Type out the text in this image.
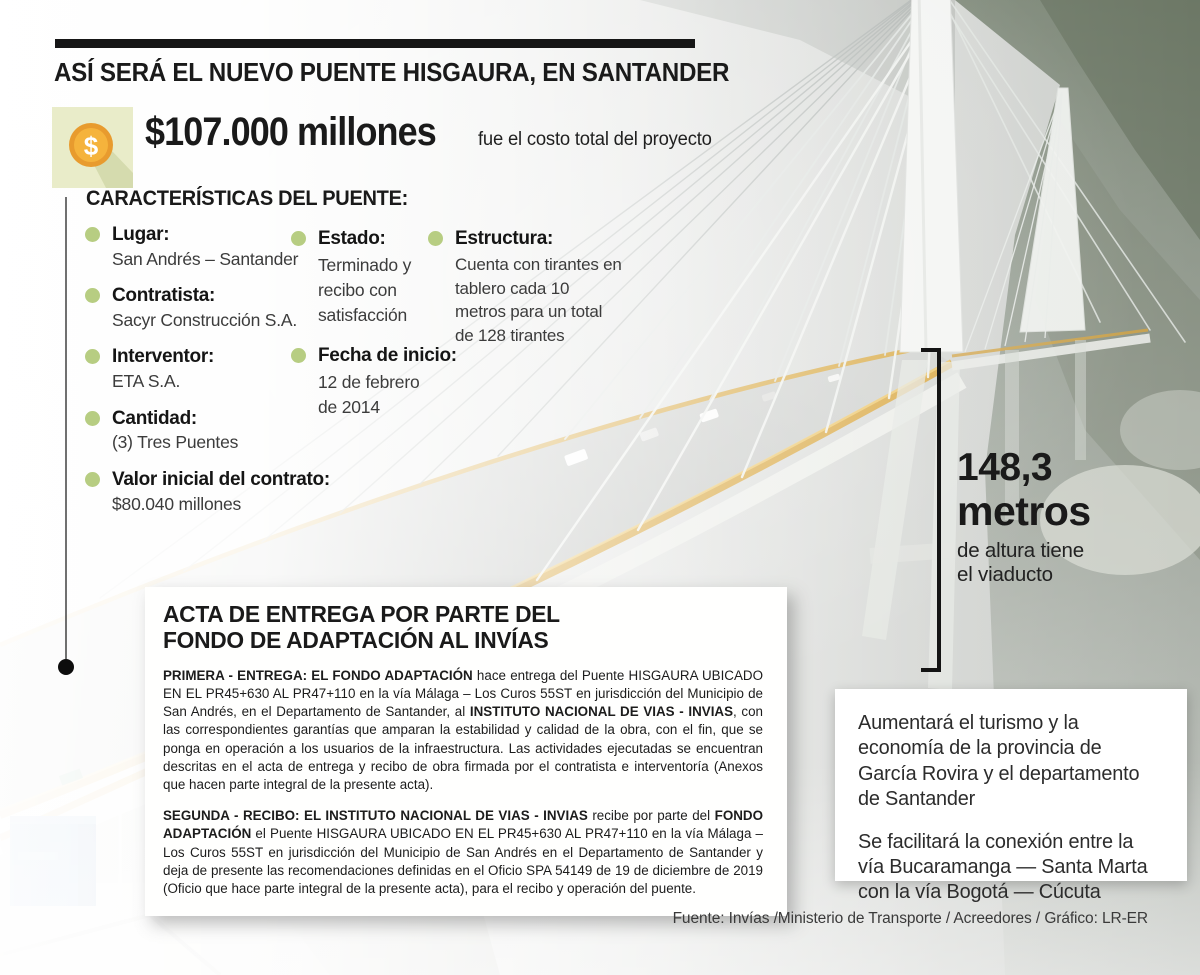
ASÍ SERÁ EL NUEVO PUENTE HISGAURA, EN SANTANDER
$ $107.000 millones fue el costo total del proyecto
CARACTERÍSTICAS DEL PUENTE:
Lugar:
San Andrés – Santander
Contratista:
Sacyr Construcción S.A.
Interventor:
ETA S.A.
Cantidad:
(3) Tres Puentes
Valor inicial del contrato:
$80.040 millones
Estado:
Terminado y recibo con satisfacción
Fecha de inicio:
12 de febrero de 2014
Estructura:
Cuenta con tirantes en tablero cada 10 metros para un total de 128 tirantes
148,3
metros
de altura tiene
el viaducto
ACTA DE ENTREGA POR PARTE DEL
FONDO DE ADAPTACIÓN AL INVÍAS
PRIMERA - ENTREGA: EL FONDO ADAPTACIÓN hace entrega del Puente HISGAURA UBICADO EN EL PR45+630 AL PR47+110 en la vía Málaga – Los Curos 55ST en jurisdicción del Municipio de San Andrés, en el Departamento de Santander, al INSTITUTO NACIONAL DE VIAS - INVIAS, con las correspondientes garantías que amparan la estabilidad y calidad de la obra, con el fin, que se ponga en operación a los usuarios de la infraestructura. Las actividades ejecutadas se encuentran descritas en el acta de entrega y recibo de obra firmada por el contratista e interventoría (Anexos que hacen parte integral de la presente acta).
SEGUNDA - RECIBO: EL INSTITUTO NACIONAL DE VIAS - INVIAS recibe por parte del FONDO ADAPTACIÓN el Puente HISGAURA UBICADO EN EL PR45+630 AL PR47+110 en la vía Málaga – Los Curos 55ST en jurisdicción del Municipio de San Andrés en el Departamento de Santander y deja de presente las recomendaciones definidas en el Oficio SPA 54149 de 19 de diciembre de 2019 (Oficio que hace parte integral de la presente acta), para el recibo y operación del puente.
Aumentará el turismo y la economía de la provincia de García Rovira y el departamento de Santander
Se facilitará la conexión entre la vía Bucaramanga — Santa Marta con la vía Bogotá — Cúcuta
Fuente: Invías /Ministerio de Transporte / Acreedores / Gráfico: LR-ER
